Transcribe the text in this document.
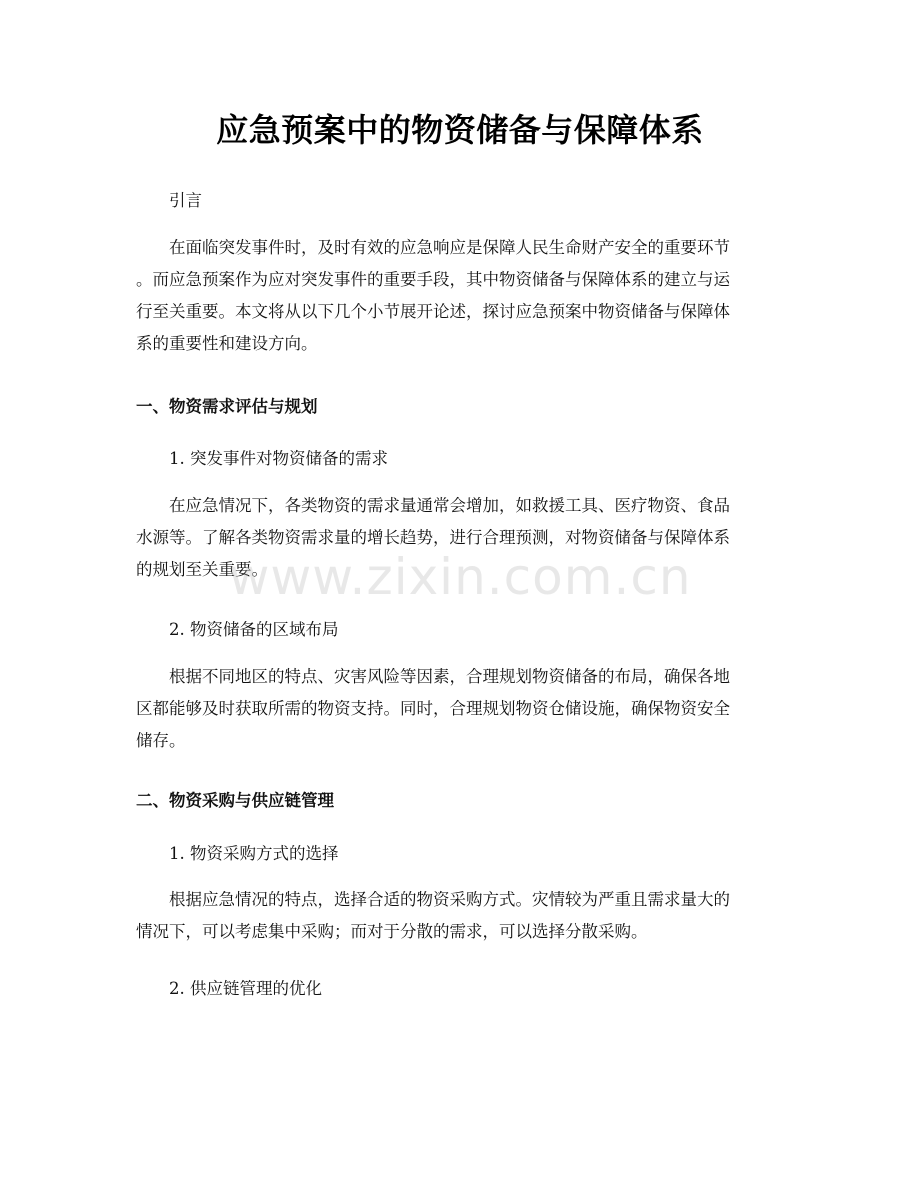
应急预案中的物资储备与保障体系

引言

在面临突发事件时，及时有效的应急响应是保障人民生命财产安全的重要环节
。而应急预案作为应对突发事件的重要手段，其中物资储备与保障体系的建立与运
行至关重要。本文将从以下几个小节展开论述，探讨应急预案中物资储备与保障体
系的重要性和建设方向。

一、物资需求评估与规划

1. 突发事件对物资储备的需求

在应急情况下，各类物资的需求量通常会增加，如救援工具、医疗物资、食品
水源等。了解各类物资需求量的增长趋势，进行合理预测，对物资储备与保障体系
的规划至关重要。

2. 物资储备的区域布局

根据不同地区的特点、灾害风险等因素，合理规划物资储备的布局，确保各地
区都能够及时获取所需的物资支持。同时，合理规划物资仓储设施，确保物资安全
储存。

二、物资采购与供应链管理

1. 物资采购方式的选择

根据应急情况的特点，选择合适的物资采购方式。灾情较为严重且需求量大的
情况下，可以考虑集中采购；而对于分散的需求，可以选择分散采购。

2. 供应链管理的优化

www.zixin.com.cn
